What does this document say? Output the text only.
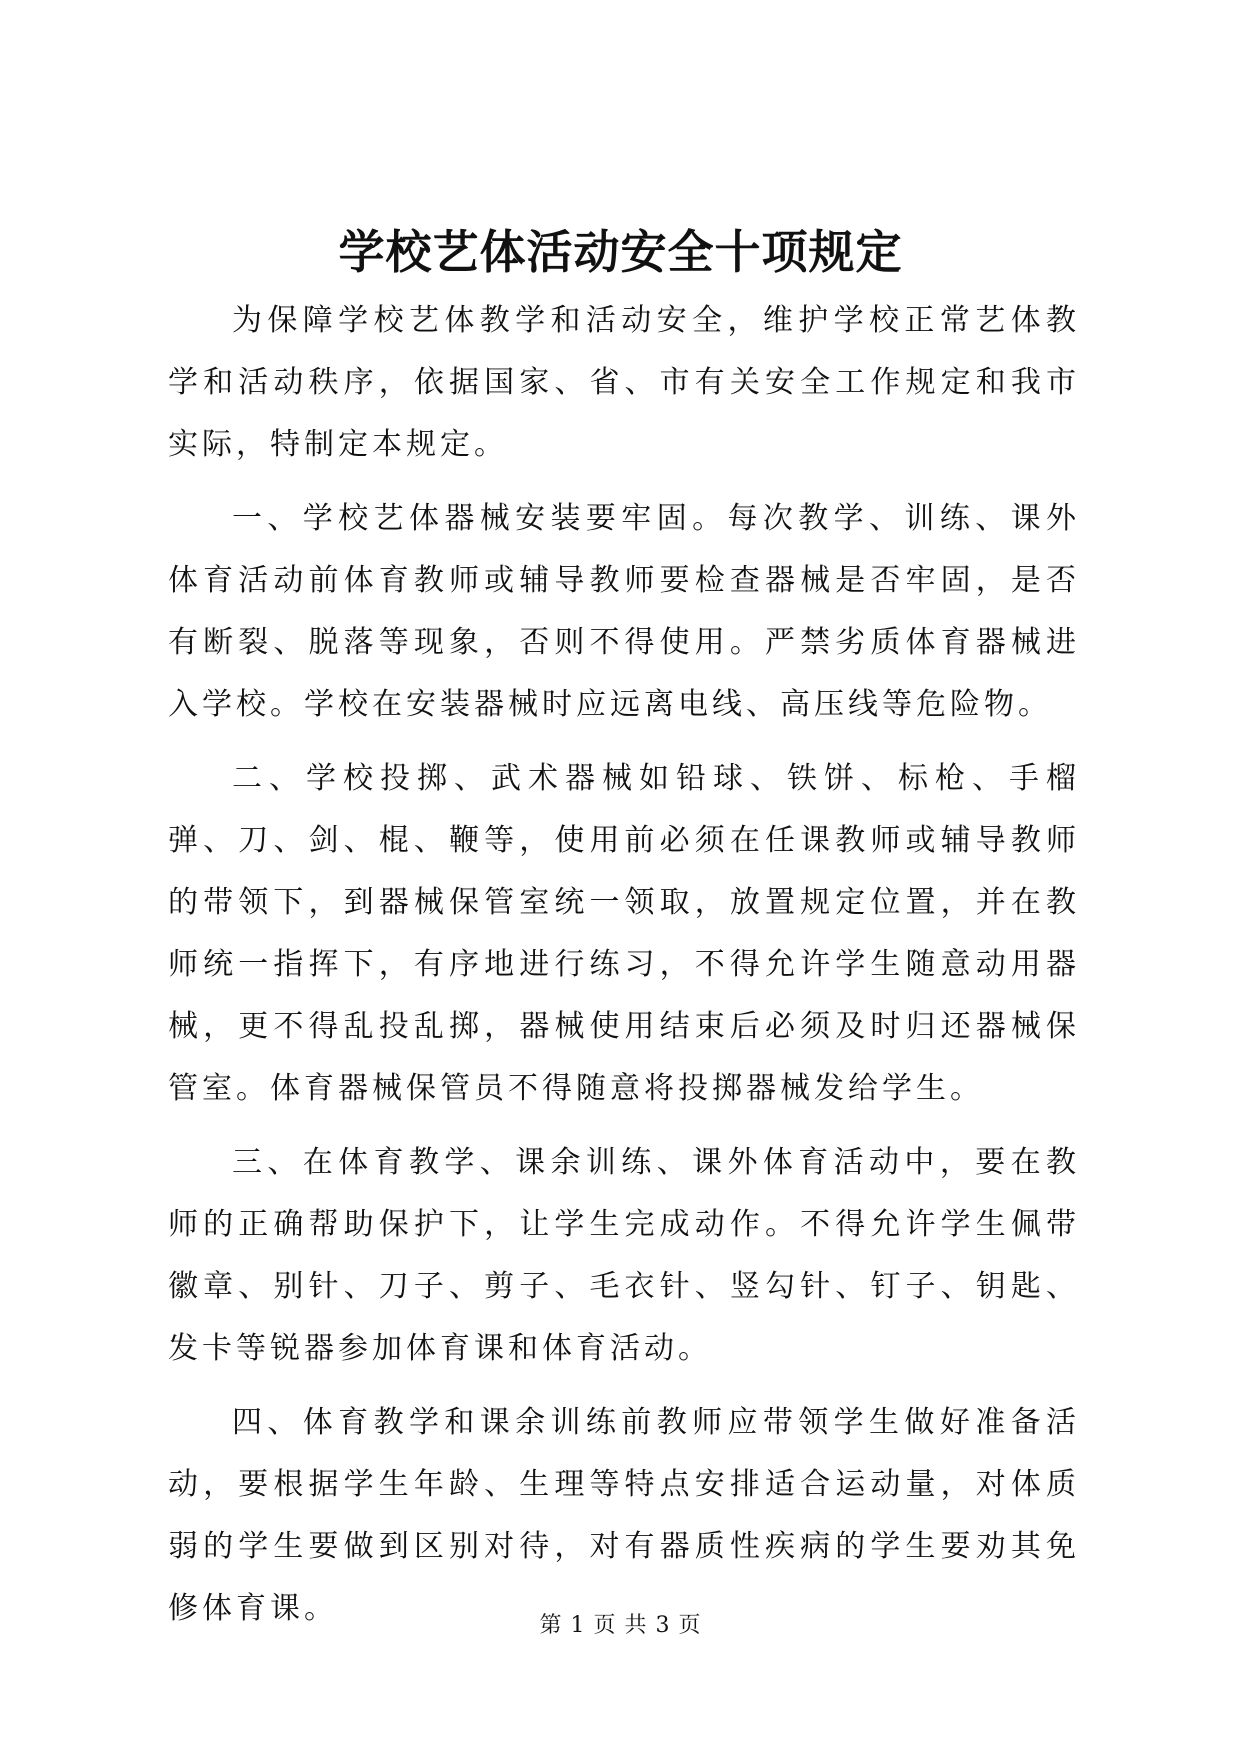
学校艺体活动安全十项规定

为保障学校艺体教学和活动安全，维护学校正常艺体教学和活动秩序，依据国家、省、市有关安全工作规定和我市实际，特制定本规定。

一、学校艺体器械安装要牢固。每次教学、训练、课外体育活动前体育教师或辅导教师要检查器械是否牢固，是否有断裂、脱落等现象，否则不得使用。严禁劣质体育器械进入学校。学校在安装器械时应远离电线、高压线等危险物。

二、学校投掷、武术器械如铅球、铁饼、标枪、手榴弹、刀、剑、棍、鞭等，使用前必须在任课教师或辅导教师的带领下，到器械保管室统一领取，放置规定位置，并在教师统一指挥下，有序地进行练习，不得允许学生随意动用器械，更不得乱投乱掷，器械使用结束后必须及时归还器械保管室。体育器械保管员不得随意将投掷器械发给学生。

三、在体育教学、课余训练、课外体育活动中，要在教师的正确帮助保护下，让学生完成动作。不得允许学生佩带徽章、别针、刀子、剪子、毛衣针、竖勾针、钉子、钥匙、发卡等锐器参加体育课和体育活动。

四、体育教学和课余训练前教师应带领学生做好准备活动，要根据学生年龄、生理等特点安排适合运动量，对体质弱的学生要做到区别对待，对有器质性疾病的学生要劝其免修体育课。	第 1 页 共 3 页
